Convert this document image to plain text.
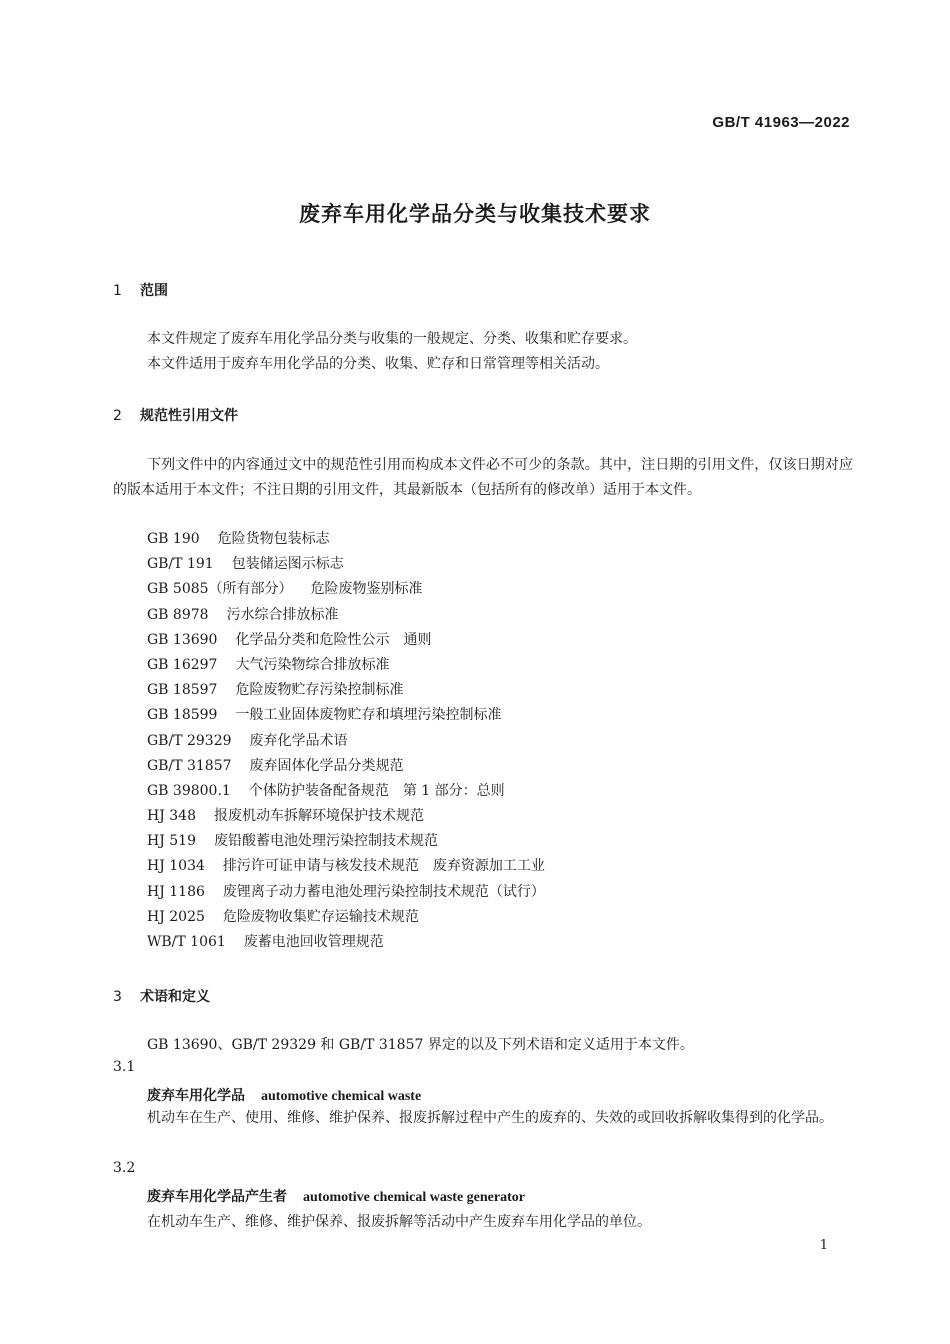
GB/T 41963—2022
废弃车用化学品分类与收集技术要求
1 范围
本文件规定了废弃车用化学品分类与收集的一般规定、分类、收集和贮存要求。
本文件适用于废弃车用化学品的分类、收集、贮存和日常管理等相关活动。
2 规范性引用文件
下列文件中的内容通过文中的规范性引用而构成本文件必不可少的条款。其中，注日期的引用文件，仅该日期对应的版本适用于本文件；不注日期的引用文件，其最新版本（包括所有的修改单）适用于本文件。
GB 190 危险货物包装标志
GB/T 191 包装储运图示标志
GB 5085（所有部分） 危险废物鉴别标准
GB 8978 污水综合排放标准
GB 13690 化学品分类和危险性公示　通则
GB 16297 大气污染物综合排放标准
GB 18597 危险废物贮存污染控制标准
GB 18599 一般工业固体废物贮存和填埋污染控制标准
GB/T 29329 废弃化学品术语
GB/T 31857 废弃固体化学品分类规范
GB 39800.1 个体防护装备配备规范　第 1 部分：总则
HJ 348 报废机动车拆解环境保护技术规范
HJ 519 废铅酸蓄电池处理污染控制技术规范
HJ 1034 排污许可证申请与核发技术规范　废弃资源加工工业
HJ 1186 废锂离子动力蓄电池处理污染控制技术规范（试行）
HJ 2025 危险废物收集贮存运输技术规范
WB/T 1061 废蓄电池回收管理规范
3 术语和定义
GB 13690、GB/T 29329 和 GB/T 31857 界定的以及下列术语和定义适用于本文件。
3.1
废弃车用化学品 automotive chemical waste
机动车在生产、使用、维修、维护保养、报废拆解过程中产生的废弃的、失效的或回收拆解收集得到的化学品。
3.2
废弃车用化学品产生者 automotive chemical waste generator
在机动车生产、维修、维护保养、报废拆解等活动中产生废弃车用化学品的单位。
1
